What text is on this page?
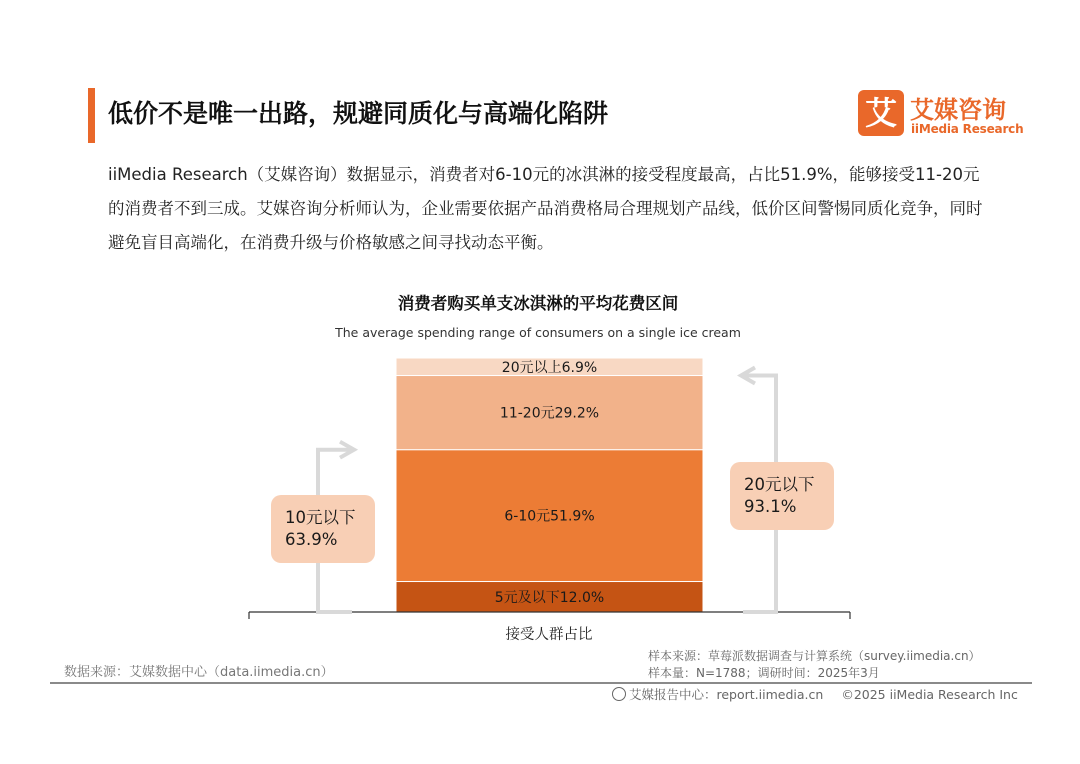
低价不是唯一出路，规避同质化与高端化陷阱	艾 艾媒咨询
iiMedia Research
iiMedia Research（艾媒咨询）数据显示，消费者对6-10元的冰淇淋的接受程度最高，占比51.9%，能够接受11-20元的消费者不到三成。艾媒咨询分析师认为，企业需要依据产品消费格局合理规划产品线，低价区间警惕同质化竞争，同时避免盲目高端化，在消费升级与价格敏感之间寻找动态平衡。
消费者购买单支冰淇淋的平均花费区间
The average spending range of consumers on a single ice cream
5元及以下12.0%
6-10元51.9%
11-20元29.2%
20元以上6.9%
接受人群占比
10元以下
63.9%
20元以下
93.1%
数据来源：艾媒数据中心（data.iimedia.cn）
样本来源：草莓派数据调查与计算系统（survey.iimedia.cn）
样本量：N=1788；调研时间：2025年3月
艾媒报告中心：report.iimedia.cn ©2025 iiMedia Research Inc
